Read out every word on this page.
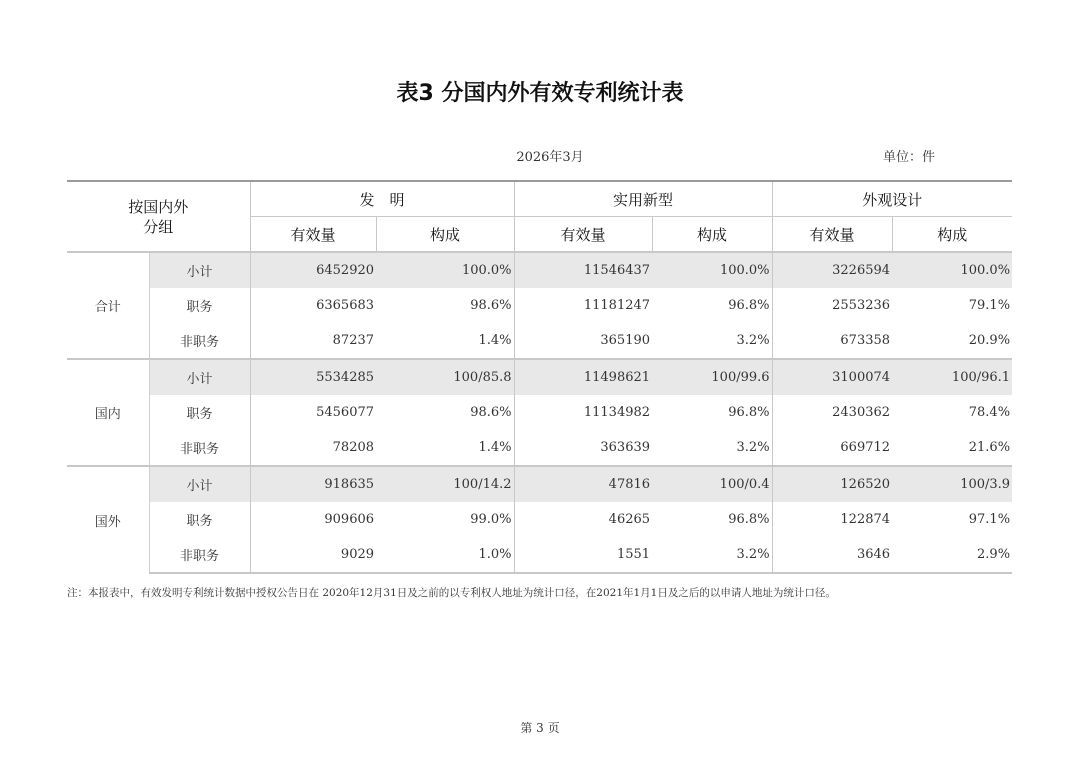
表3 分国内外有效专利统计表
2026年3月	单位：件
按国内外
分组		发　明		实用新型		外观设计	
		有效量	构成	有效量	构成	有效量	构成
合计	小计	6452920	100.0%	11546437	100.0%	3226594	100.0%
	职务	6365683	98.6%	11181247	96.8%	2553236	79.1%
	非职务	87237	1.4%	365190	3.2%	673358	20.9%
国内	小计	5534285	100/85.8	11498621	100/99.6	3100074	100/96.1
	职务	5456077	98.6%	11134982	96.8%	2430362	78.4%
	非职务	78208	1.4%	363639	3.2%	669712	21.6%
国外	小计	918635	100/14.2	47816	100/0.4	126520	100/3.9
	职务	909606	99.0%	46265	96.8%	122874	97.1%
	非职务	9029	1.0%	1551	3.2%	3646	2.9%
注：本报表中，有效发明专利统计数据中授权公告日在 2020年12月31日及之前的以专利权人地址为统计口径，在2021年1月1日及之后的以申请人地址为统计口径。
第 3 页
